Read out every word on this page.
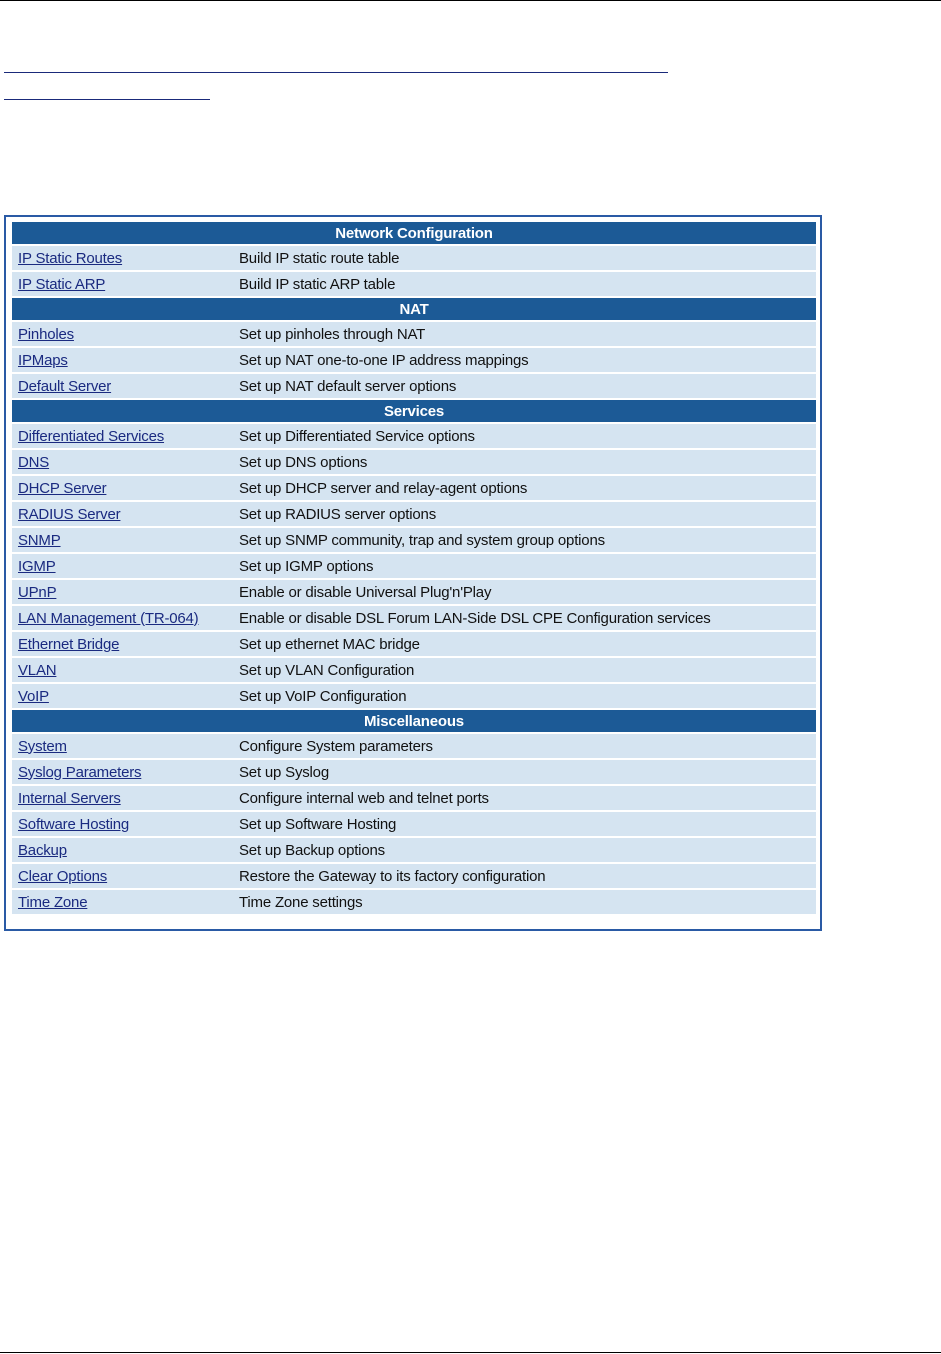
Network Configuration	
IP Static Routes	Build IP static route table
IP Static ARP	Build IP static ARP table
NAT	
Pinholes	Set up pinholes through NAT
IPMaps	Set up NAT one-to-one IP address mappings
Default Server	Set up NAT default server options
Services	
Differentiated Services	Set up Differentiated Service options
DNS	Set up DNS options
DHCP Server	Set up DHCP server and relay-agent options
RADIUS Server	Set up RADIUS server options
SNMP	Set up SNMP community, trap and system group options
IGMP	Set up IGMP options
UPnP	Enable or disable Universal Plug'n'Play
LAN Management (TR-064)	Enable or disable DSL Forum LAN-Side DSL CPE Configuration services
Ethernet Bridge	Set up ethernet MAC bridge
VLAN	Set up VLAN Configuration
VoIP	Set up VoIP Configuration
Miscellaneous	
System	Configure System parameters
Syslog Parameters	Set up Syslog
Internal Servers	Configure internal web and telnet ports
Software Hosting	Set up Software Hosting
Backup	Set up Backup options
Clear Options	Restore the Gateway to its factory configuration
Time Zone	Time Zone settings
